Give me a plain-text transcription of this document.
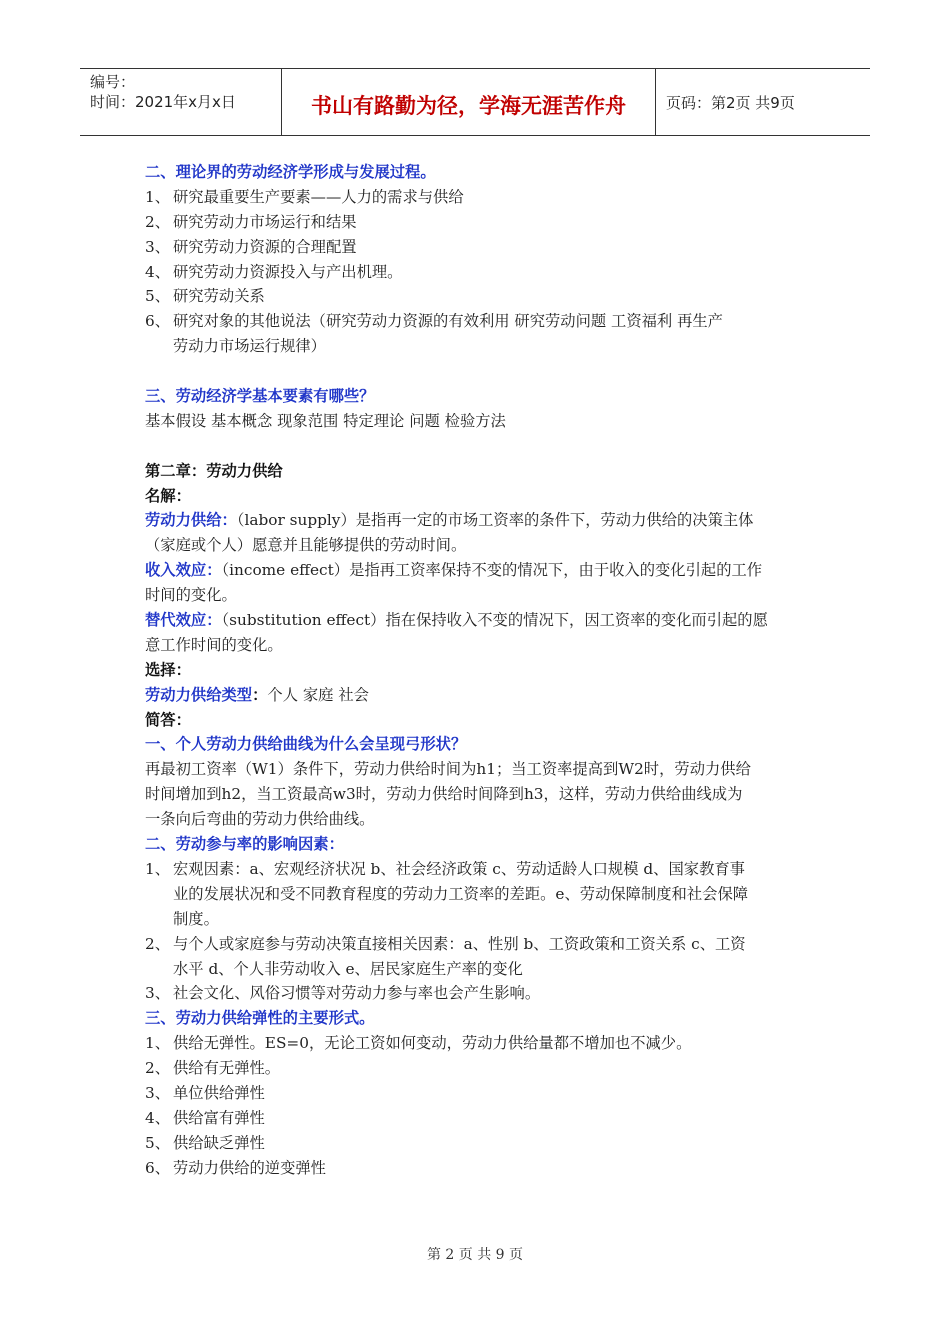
编号：
时间：2021年x月x日	书山有路勤为径，学海无涯苦作舟	页码：第2页 共9页
二、理论界的劳动经济学形成与发展过程。
1、 研究最重要生产要素——人力的需求与供给
2、 研究劳动力市场运行和结果
3、 研究劳动力资源的合理配置
4、 研究劳动力资源投入与产出机理。
5、 研究劳动关系
6、 研究对象的其他说法（研究劳动力资源的有效利用 研究劳动问题 工资福利 再生产
劳动力市场运行规律）
三、劳动经济学基本要素有哪些？
基本假设 基本概念 现象范围 特定理论 问题 检验方法
第二章：劳动力供给
名解：
劳动力供给：（labor supply）是指再一定的市场工资率的条件下，劳动力供给的决策主体
（家庭或个人）愿意并且能够提供的劳动时间。
收入效应：（income effect）是指再工资率保持不变的情况下，由于收入的变化引起的工作
时间的变化。
替代效应：（substitution effect）指在保持收入不变的情况下，因工资率的变化而引起的愿
意工作时间的变化。
选择：
劳动力供给类型：个人 家庭 社会
简答：
一、个人劳动力供给曲线为什么会呈现弓形状？
再最初工资率（W1）条件下，劳动力供给时间为h1；当工资率提高到W2时，劳动力供给
时间增加到h2，当工资最高w3时，劳动力供给时间降到h3，这样，劳动力供给曲线成为
一条向后弯曲的劳动力供给曲线。
二、劳动参与率的影响因素：
1、 宏观因素：a、宏观经济状况 b、社会经济政策 c、劳动适龄人口规模 d、国家教育事
业的发展状况和受不同教育程度的劳动力工资率的差距。e、劳动保障制度和社会保障
制度。
2、 与个人或家庭参与劳动决策直接相关因素：a、性别 b、工资政策和工资关系 c、工资
水平 d、个人非劳动收入 e、居民家庭生产率的变化
3、 社会文化、风俗习惯等对劳动力参与率也会产生影响。
三、劳动力供给弹性的主要形式。
1、 供给无弹性。ES=0，无论工资如何变动，劳动力供给量都不增加也不减少。
2、 供给有无弹性。
3、 单位供给弹性
4、 供给富有弹性
5、 供给缺乏弹性
6、 劳动力供给的逆变弹性
第 2 页 共 9 页
